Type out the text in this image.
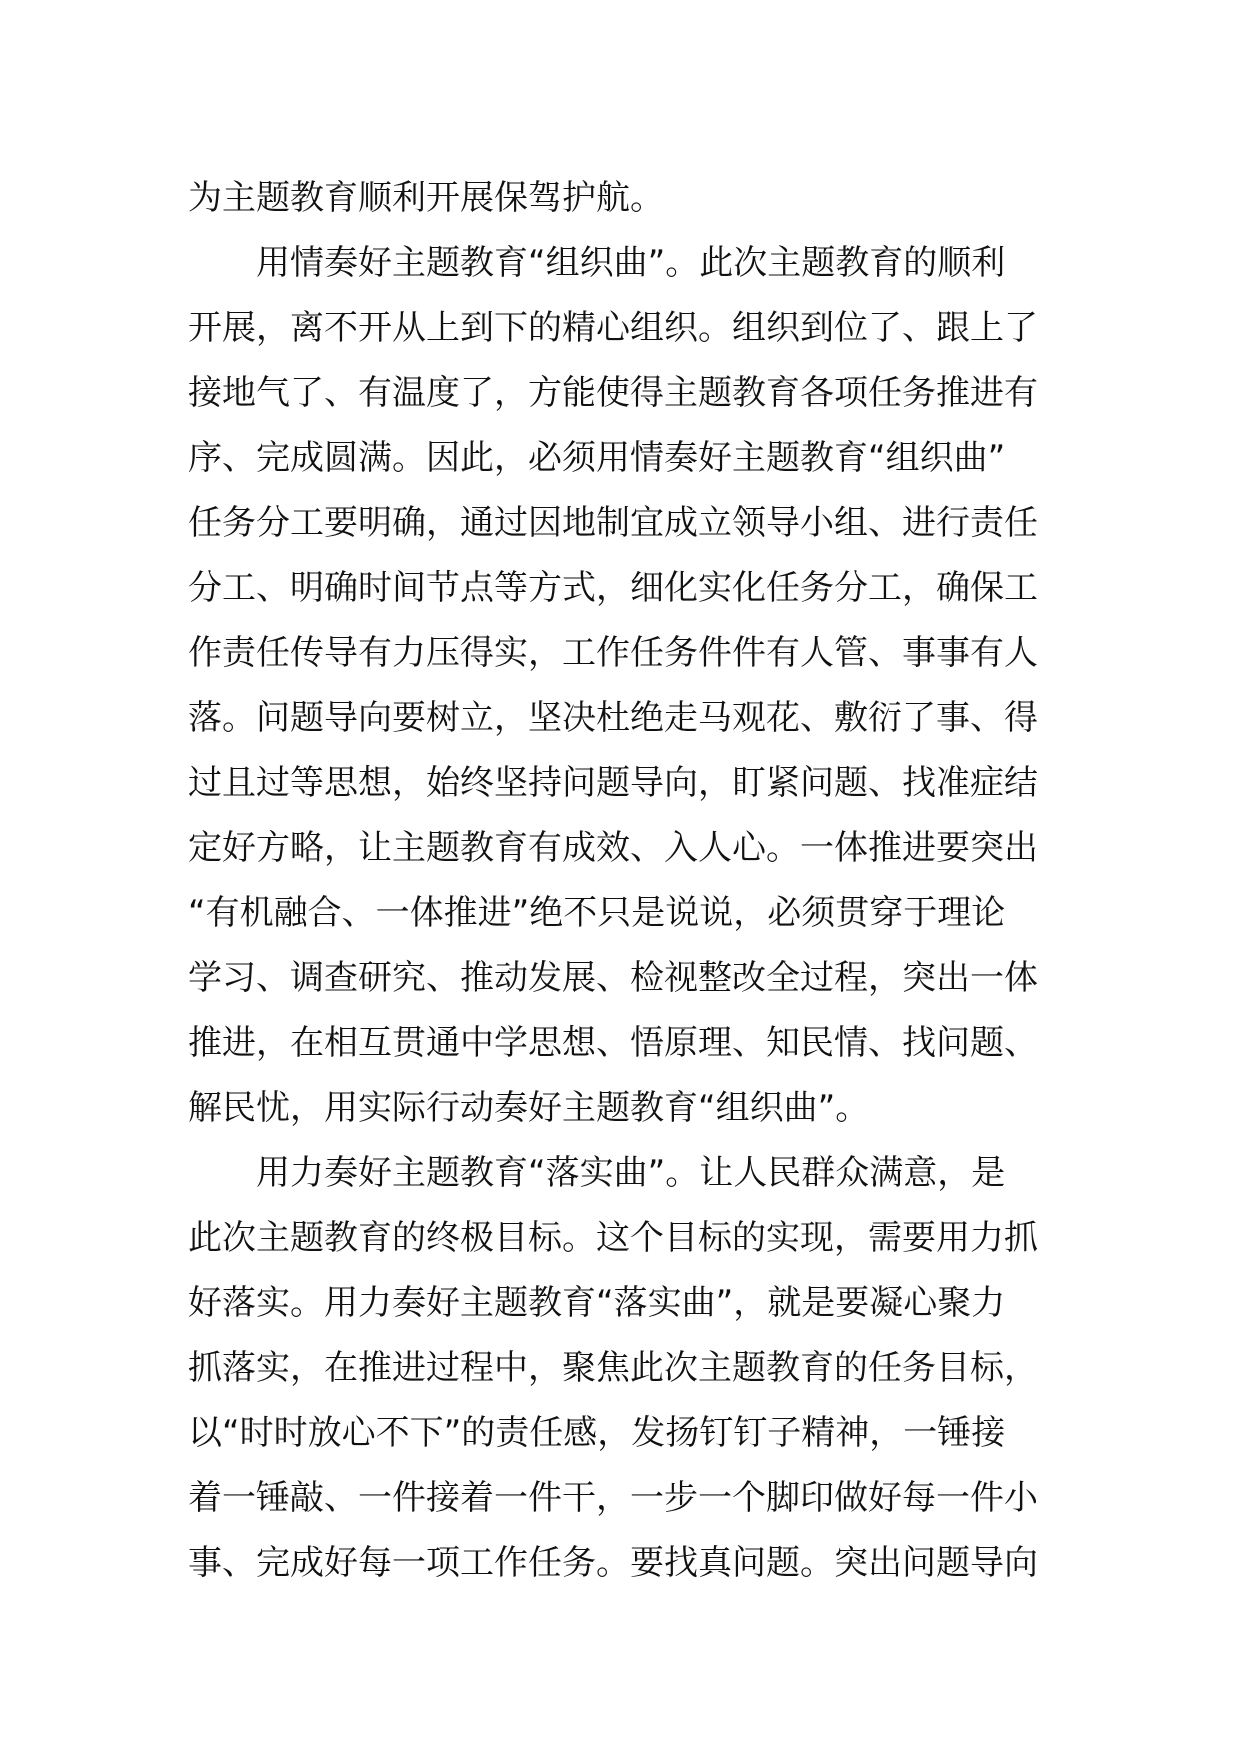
为主题教育顺利开展保驾护航。
用情奏好主题教育“组织曲”。此次主题教育的顺利
开展，离不开从上到下的精心组织。组织到位了、跟上了
接地气了、有温度了，方能使得主题教育各项任务推进有
序、完成圆满。因此，必须用情奏好主题教育“组织曲”
任务分工要明确，通过因地制宜成立领导小组、进行责任
分工、明确时间节点等方式，细化实化任务分工，确保工
作责任传导有力压得实，工作任务件件有人管、事事有人
落。问题导向要树立，坚决杜绝走马观花、敷衍了事、得
过且过等思想，始终坚持问题导向，盯紧问题、找准症结
定好方略，让主题教育有成效、入人心。一体推进要突出
“有机融合、一体推进”绝不只是说说，必须贯穿于理论
学习、调查研究、推动发展、检视整改全过程，突出一体
推进，在相互贯通中学思想、悟原理、知民情、找问题、
解民忧，用实际行动奏好主题教育“组织曲”。
用力奏好主题教育“落实曲”。让人民群众满意，是
此次主题教育的终极目标。这个目标的实现，需要用力抓
好落实。用力奏好主题教育“落实曲”，就是要凝心聚力
抓落实，在推进过程中，聚焦此次主题教育的任务目标，
以“时时放心不下”的责任感，发扬钉钉子精神，一锤接
着一锤敲、一件接着一件干，一步一个脚印做好每一件小
事、完成好每一项工作任务。要找真问题。突出问题导向
